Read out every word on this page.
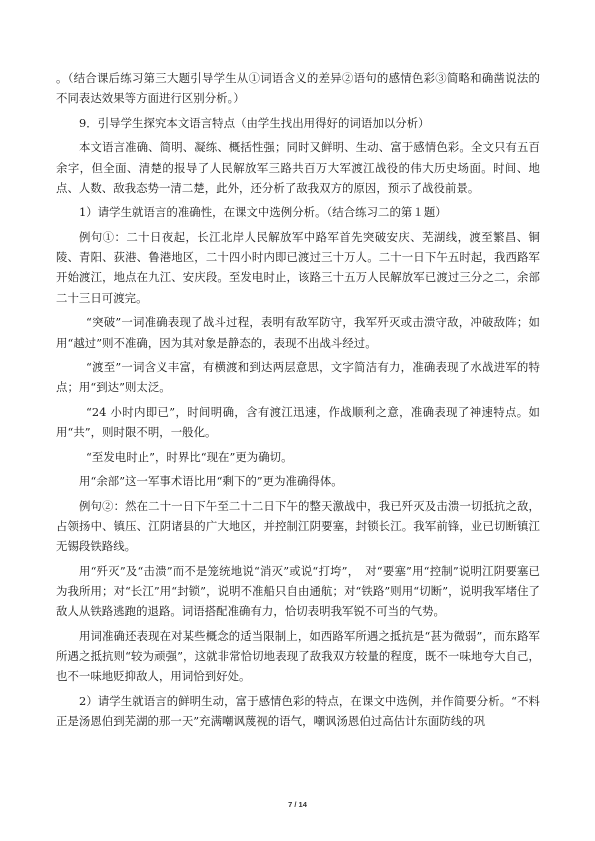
。（结合课后练习第三大题引导学生从①词语含义的差异②语句的感情色彩③简略和确凿说法的不同表达效果等方面进行区别分析。）

9．引导学生探究本文语言特点（由学生找出用得好的词语加以分析）

本文语言准确、简明、凝练、概括性强；同时又鲜明、生动、富于感情色彩。全文只有五百余字，但全面、清楚的报导了人民解放军三路共百万大军渡江战役的伟大历史场面。时间、地点、人数、敌我态势一清二楚，此外，还分析了敌我双方的原因，预示了战役前景。

1）请学生就语言的准确性，在课文中选例分析。（结合练习二的第１题）

例句①：二十日夜起，长江北岸人民解放军中路军首先突破安庆、芜湖线，渡至繁昌、铜陵、青阳、荻港、鲁港地区，二十四小时内即已渡过三十万人。二十一日下午五时起，我西路军开始渡江，地点在九江、安庆段。至发电时止，该路三十五万人民解放军已渡过三分之二，余部二十三日可渡完。

“突破”一词准确表现了战斗过程，表明有敌军防守，我军歼灭或击溃守敌，冲破敌阵；如用“越过”则不准确，因为其对象是静态的，表现不出战斗经过。

“渡至”一词含义丰富，有横渡和到达两层意思，文字简洁有力，准确表现了水战进军的特点；用“到达”则太泛。

“24 小时内即已”，时间明确，含有渡江迅速，作战顺利之意，准确表现了神速特点。如用“共”，则时限不明，一般化。

“至发电时止”，时界比“现在”更为确切。

用“余部”这一军事术语比用“剩下的”更为准确得体。

例句②：然在二十一日下午至二十二日下午的整天激战中，我已歼灭及击溃一切抵抗之敌，占领扬中、镇压、江阴诸县的广大地区，并控制江阴要塞，封锁长江。我军前锋，业已切断镇江无锡段铁路线。

用“歼灭”及“击溃”而不是笼统地说“消灭”或说“打垮”，　对“要塞”用“控制”说明江阴要塞已为我所用；对“长江”用“封锁”，说明不准船只自由通航；对“铁路”则用“切断”，说明我军堵住了敌人从铁路逃跑的退路。词语搭配准确有力，恰切表明我军锐不可当的气势。

用词准确还表现在对某些概念的适当限制上，如西路军所遇之抵抗是“甚为微弱”，而东路军所遇之抵抗则“较为顽强”，这就非常恰切地表现了敌我双方较量的程度，既不一味地夸大自己，也不一味地贬抑敌人，用词恰到好处。

2）请学生就语言的鲜明生动，富于感情色彩的特点，在课文中选例，并作简要分析。“不料正是汤恩伯到芜湖的那一天”充满嘲讽蔑视的语气，嘲讽汤恩伯过高估计东面防线的巩

7 / 14
